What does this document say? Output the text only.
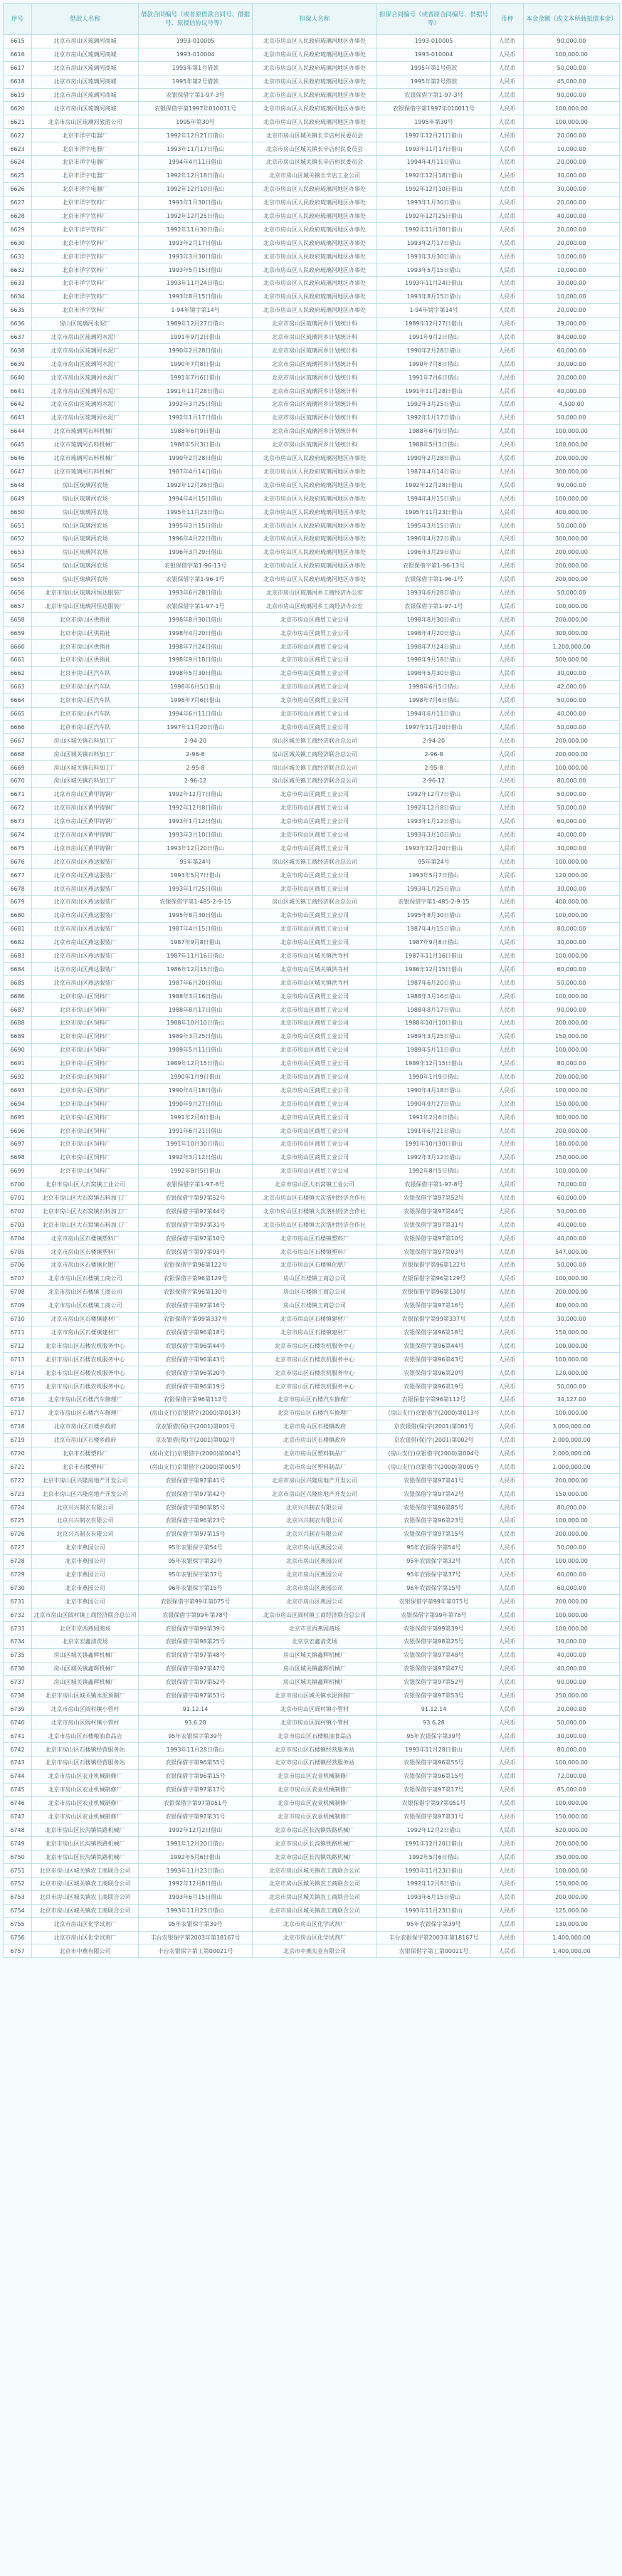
序号	借款人名称	借款合同编号（或者原借款合同号、借据号、原授信协议号等）	担保人名称	担保合同编号（或者原合同编号、借据号等）	币种	本金余额（或文本所载抵债本金）
6615	北京市房山区琉璃河商城	1993-010005	北京市房山区人民政府琉璃河地区办事处	1993-010005	人民币	90,000.00
6616	北京市房山区琉璃河商城	1993-010004	北京市房山区人民政府琉璃河地区办事处	1993-010004	人民币	100,000.00
6617	北京市房山区琉璃河商城	1995年第1号借款	北京市房山区人民政府琉璃河地区办事处	1995年第1号借款	人民币	50,000.00
6618	北京市房山区琉璃河商城	1995年第2号借款	北京市房山区人民政府琉璃河地区办事处	1995年第2号借款	人民币	45,000.00
6619	北京市房山区琉璃河商城	农银保借字第1-97-3号	北京市房山区人民政府琉璃河地区办事处	农银保借字第1-97-3号	人民币	90,000.00
6620	北京市房山区琉璃河商城	农银保借字第1997年010011号	北京市房山区人民政府琉璃河地区办事处	农银保借字第1997年010011号	人民币	100,000.00
6621	北京市房山区琉璃河旅游公司	1995年第30号	北京市房山区人民政府琉璃河地区办事处	1995年第30号	人民币	100,000.00
6622	北京市洋字电器厂	1992年12月21日借山	北京市房山区城关镇长辛店村民委员会	1992年12月21日借山	人民币	20,000.00
6623	北京市洋字电器厂	1993年11月17日借山	北京市房山区城关镇长辛店村民委员会	1993年11月17日借山	人民币	10,000.00
6624	北京市洋字电器厂	1994年4月11日借山	北京市房山区城关镇长辛店村民委员会	1994年4月11日借山	人民币	20,000.00
6625	北京市洋字电器厂	1992年12月18日借山	北京市房山区城关镇长辛店工业公司	1992年12月18日借山	人民币	30,000.00
6626	北京市洋字电器厂	1992年12月10日借山	北京市房山区人民政府琉璃河地区办事处	1992年12月10日借山	人民币	30,000.00
6627	北京市洋字饮料厂	1993年1月30日借山	北京市房山区人民政府琉璃河地区办事处	1993年1月30日借山	人民币	20,000.00
6628	北京市洋字饮料厂	1992年12月25日借山	北京市房山区人民政府琉璃河地区办事处	1992年12月25日借山	人民币	40,000.00
6629	北京市洋字饮料厂	1992年11月30日借山	北京市房山区人民政府琉璃河地区办事处	1992年11月30日借山	人民币	20,000.00
6630	北京市洋字饮料厂	1993年2月17日借山	北京市房山区人民政府琉璃河地区办事处	1993年2月17日借山	人民币	20,000.00
6631	北京市洋字饮料厂	1993年3月30日借山	北京市房山区人民政府琉璃河地区办事处	1993年3月30日借山	人民币	10,000.00
6632	北京市洋字饮料厂	1993年5月15日借山	北京市房山区人民政府琉璃河地区办事处	1993年5月15日借山	人民币	10,000.00
6633	北京市洋字饮料厂	1993年11月24日借山	北京市房山区人民政府琉璃河地区办事处	1993年11月24日借山	人民币	30,000.00
6634	北京市洋字饮料厂	1993年8月15日借山	北京市房山区人民政府琉璃河地区办事处	1993年8月15日借山	人民币	10,000.00
6635	北京市洋字饮料厂	1-94年镜字第14号	北京市房山区人民政府琉璃河地区办事处	1-94年镜字第14号	人民币	20,000.00
6636	房山区琉璃河水泥厂	1989年12月27日借山	北京市房山区琉璃河乡计划统计科	1989年12月27日借山	人民币	39,000.00
6637	北京市房山区琉璃河水泥厂	1991年9月2日借山	北京市房山区琉璃河乡计划统计科	1991年9月2日借山	人民币	84,000.00
6638	北京市房山区琉璃河水泥厂	1990年2月28日借山	北京市房山区琉璃河乡计划统计科	1990年2月28日借山	人民币	60,000.00
6639	北京市房山区琉璃河水泥厂	1990年7月8日借山	北京市房山区琉璃河乡计划统计科	1990年7月8日借山	人民币	30,000.00
6640	北京市房山区琉璃河水泥厂	1991年7月6日借山	北京市房山区琉璃河乡计划统计科	1991年7月6日借山	人民币	20,000.00
6641	北京市房山区琉璃河水泥厂	1991年11月28日借山	北京市房山区琉璃河乡计划统计科	1991年11月28日借山	人民币	40,000.00
6642	北京市房山区琉璃河水泥厂	1992年3月25日借山	北京市房山区琉璃河乡计划统计科	1992年3月25日借山	人民币	4,500.00
6643	北京市房山区琉璃河水泥厂	1992年1月17日借山	北京市房山区琉璃河乡计划统计科	1992年1月17日借山	人民币	50,000.00
6644	北京市琉璃河石料机械厂	1988年6月9日借山	北京市房山区琉璃河乡计划统计科	1988年6月9日借山	人民币	100,000.00
6645	北京市琉璃河石料机械厂	1988年5月3日借山	北京市房山区琉璃河乡计划统计科	1988年5月3日借山	人民币	100,000.00
6646	北京市琉璃河石料机械厂	1990年2月28日借山	北京市房山区人民政府琉璃河地区办事处	1990年2月28日借山	人民币	200,000.00
6647	北京市琉璃河石料机械厂	1987年4月14日借山	北京市房山区人民政府琉璃河地区办事处	1987年4月14日借山	人民币	300,000.00
6648	房山区琉璃河农场	1992年12月28日借山	北京市房山区人民政府琉璃河地区办事处	1992年12月28日借山	人民币	90,000.00
6649	房山区琉璃河农场	1994年4月15日借山	北京市房山区人民政府琉璃河地区办事处	1994年4月15日借山	人民币	100,000.00
6650	房山区琉璃河农场	1995年11月23日借山	北京市房山区人民政府琉璃河地区办事处	1995年11月23日借山	人民币	400,000.00
6651	房山区琉璃河农场	1995年3月15日借山	北京市房山区人民政府琉璃河地区办事处	1995年3月15日借山	人民币	50,000.00
6652	房山区琉璃河农场	1996年4月22日借山	北京市房山区人民政府琉璃河地区办事处	1996年4月22日借山	人民币	300,000.00
6653	房山区琉璃河农场	1996年3月29日借山	北京市房山区人民政府琉璃河地区办事处	1996年3月29日借山	人民币	200,000.00
6654	房山区琉璃河农场	农银保借字第1-96-13号	北京市房山区人民政府琉璃河地区办事处	农银保借字第1-96-13号	人民币	200,000.00
6655	房山区琉璃河农场	农银保借字第1-96-1号	北京市房山区人民政府琉璃河地区办事处	农银保借字第1-96-1号	人民币	200,000.00
6656	北京市房山区琉璃河恒达服装厂	1993年6月28日借山	北京市房山区琉璃河乡工商经济办公室	1993年6月28日借山	人民币	50,000.00
6657	北京市房山区琉璃河恒达服装厂	农银保借字第1-97-1号	北京市房山区琉璃河乡工商经济办公室	农银保借字第1-97-1号	人民币	100,000.00
6658	北京市房山区供销社	1998年8月30日借山	北京市房山区商贸工业公司	1998年8月30日借山	人民币	200,000.00
6659	北京市房山区供销社	1998年4月20日借山	北京市房山区商贸工业公司	1998年4月20日借山	人民币	300,000.00
6660	北京市房山区供销社	1998年7月24日借山	北京市房山区商贸工业公司	1998年7月24日借山	人民币	1,200,000.00
6661	北京市房山区供销社	1998年9月18日借山	北京市房山区商贸工业公司	1998年9月18日借山	人民币	500,000.00
6662	北京市房山区汽车队	1998年5月30日借山	北京市房山区商贸工业公司	1998年5月30日借山	人民币	30,000.00
6663	北京市房山区汽车队	1998年6月5日借山	北京市房山区商贸工业公司	1998年6月5日借山	人民币	42,000.00
6664	北京市房山区汽车队	1998年7月6日借山	北京市房山区商贸工业公司	1998年7月6日借山	人民币	50,000.00
6665	北京市房山区汽车队	1994年6月11日借山	北京市房山区商贸工业公司	1994年6月11日借山	人民币	40,000.00
6666	北京市房山区汽车队	1997年11月20日借山	北京市房山区商贸工业公司	1997年11月20日借山	人民币	50,000.00
6667	房山区城关镇石料加工厂	2-94-20	房山区城关镇工商经济联合总公司	2-94-20	人民币	200,000.00
6668	房山区城关镇石料加工厂	2-96-8	房山区城关镇工商经济联合总公司	2-96-8	人民币	200,000.00
6669	房山区城关镇石料加工厂	2-95-8	房山区城关镇工商经济联合总公司	2-95-8	人民币	100,000.00
6670	房山区城关镇石料加工厂	2-96-12	房山区城关镇工商经济联合总公司	2-96-12	人民币	80,000.00
6671	北京市房山区黄甲铸钢厂	1992年12月7日借山	北京市房山区商贸工业公司	1992年12月7日借山	人民币	50,000.00
6672	北京市房山区黄甲铸钢厂	1992年12月8日借山	北京市房山区商贸工业公司	1992年12月8日借山	人民币	50,000.00
6673	北京市房山区黄甲铸钢厂	1993年1月12日借山	北京市房山区商贸工业公司	1993年1月12日借山	人民币	60,000.00
6674	北京市房山区黄甲铸钢厂	1993年3月10日借山	北京市房山区商贸工业公司	1993年3月10日借山	人民币	40,000.00
6675	北京市房山区黄甲铸钢厂	1993年12月20日借山	北京市房山区商贸工业公司	1993年12月20日借山	人民币	30,000.00
6676	北京市房山区燕达服装厂	95年第24号	房山区城关镇工商经济联合总公司	95年第24号	人民币	100,000.00
6677	北京市房山区燕达服装厂	1993年5月7日借山	北京市房山区商贸工业公司	1993年5月7日借山	人民币	120,000.00
6678	北京市房山区燕达服装厂	1993年1月25日借山	北京市房山区商贸工业公司	1993年1月25日借山	人民币	30,000.00
6679	北京市房山区燕达服装厂	农银保借字第1-485-2-9-15	房山区城关镇工商经济联合总公司	农银保借字第1-485-2-9-15	人民币	400,000.00
6680	北京市房山区燕达服装厂	1995年8月30日借山	北京市房山区商贸工业公司	1995年8月30日借山	人民币	100,000.00
6681	北京市房山区燕达服装厂	1987年4月15日借山	北京市房山区商贸工业公司	1987年4月15日借山	人民币	80,000.00
6682	北京市房山区燕达服装厂	1987年9月8日借山	北京市房山区商贸工业公司	1987年9月8日借山	人民币	30,000.00
6683	北京市房山区燕达服装厂	1987年11月16日借山	北京市房山区城关镇洪寺村	1987年11月16日借山	人民币	100,000.00
6684	北京市房山区燕达服装厂	1986年12月15日借山	北京市房山区城关镇洪寺村	1986年12月15日借山	人民币	60,000.00
6685	北京市房山区燕达服装厂	1987年6月20日借山	北京市房山区城关镇洪寺村	1987年6月20日借山	人民币	50,000.00
6686	北京市房山区饲料厂	1988年3月16日借山	北京市房山区商贸工业公司	1988年3月16日借山	人民币	100,000.00
6687	北京市房山区饲料厂	1988年8月17日借山	北京市房山区商贸工业公司	1988年8月17日借山	人民币	90,000.00
6688	北京市房山区饲料厂	1988年10月10日借山	北京市房山区商贸工业公司	1988年10月10日借山	人民币	200,000.00
6689	北京市房山区饲料厂	1989年3月25日借山	北京市房山区商贸工业公司	1989年3月25日借山	人民币	150,000.00
6690	北京市房山区饲料厂	1989年5月11日借山	北京市房山区商贸工业公司	1989年5月11日借山	人民币	100,000.00
6691	北京市房山区饲料厂	1989年12月15日借山	北京市房山区商贸工业公司	1989年12月15日借山	人民币	80,000.00
6692	北京市房山区饲料厂	1990年1月9日借山	北京市房山区商贸工业公司	1990年1月9日借山	人民币	200,000.00
6693	北京市房山区饲料厂	1990年4月18日借山	北京市房山区商贸工业公司	1990年4月18日借山	人民币	100,000.00
6694	北京市房山区饲料厂	1990年9月27日借山	北京市房山区商贸工业公司	1990年9月27日借山	人民币	150,000.00
6695	北京市房山区饲料厂	1991年2月6日借山	北京市房山区商贸工业公司	1991年2月6日借山	人民币	300,000.00
6696	北京市房山区饲料厂	1991年6月21日借山	北京市房山区商贸工业公司	1991年6月21日借山	人民币	200,000.00
6697	北京市房山区饲料厂	1991年10月30日借山	北京市房山区商贸工业公司	1991年10月30日借山	人民币	180,000.00
6698	北京市房山区饲料厂	1992年3月12日借山	北京市房山区商贸工业公司	1992年3月12日借山	人民币	250,000.00
6699	北京市房山区饲料厂	1992年8月5日借山	北京市房山区商贸工业公司	1992年8月5日借山	人民币	100,000.00
6700	北京市房山区大石窝镇工业公司	农银保借字第1-97-8号	北京市房山区大石窝镇工业公司	农银保借字第1-97-8号	人民币	70,000.00
6701	北京市房山区大石窝镇石料加工厂	农银保借字第97第52号	北京市房山区石楼镇大次洛村经济合作社	农银保借字第97第52号	人民币	60,000.00
6702	北京市房山区大石窝镇石料加工厂	农银保借字第97第44号	北京市房山区石楼镇大次洛村经济合作社	农银保借字第97第44号	人民币	50,000.00
6703	北京市房山区大石窝镇石料加工厂	农银保借字第97第31号	北京市房山区石楼镇大次洛村经济合作社	农银保借字第97第31号	人民币	40,000.00
6704	北京市房山区石楼镇塑料厂	农银保借字第97第10号	北京市房山区石楼镇塑料厂	农银保借字第97第10号	人民币	40,000.00
6705	北京市房山区石楼镇塑料厂	农银保借字第97第03号	北京市房山区石楼镇塑料厂	农银保借字第97第03号	人民币	547,000.00
6706	北京市房山区石楼镇化肥厂	农银保借字第96第122号	北京市房山区石楼镇化肥厂	农银保借字第96第122号	人民币	50,000.00
6707	北京市房山区石楼镇工商公司	农银保借字第96第129号	房山区石楼镇工商总公司	农银保借字第96第129号	人民币	100,000.00
6708	北京市房山区石楼镇工商公司	农银保借字第96第130号	房山区石楼镇工商总公司	农银保借字第96第130号	人民币	200,000.00
6709	北京市房山区石楼镇工商公司	农银保借字第97第16号	房山区石楼镇工商总公司	农银保借字第97第16号	人民币	400,000.00
6710	北京市房山区石楼镇建材厂	农银保借字第99第337号	北京市房山区石楼镇建材厂	农银保借字第99第337号	人民币	30,000.00
6711	北京市房山区石楼镇建材厂	农银保借字第96第18号	北京市房山区石楼镇建材厂	农银保借字第96第18号	人民币	150,000.00
6712	北京市房山区石楼农机服务中心	农银保借字第96第44号	北京市房山区石楼农机服务中心	农银保借字第96第44号	人民币	100,000.00
6713	北京市房山区石楼农机服务中心	农银保借字第96第43号	北京市房山区石楼农机服务中心	农银保借字第96第43号	人民币	100,000.00
6714	北京市房山区石楼农机服务中心	农银保借字第96第20号	北京市房山区石楼农机服务中心	农银保借字第96第20号	人民币	120,000.00
6715	北京市房山区石楼农机服务中心	农银保借字第96第19号	北京市房山区石楼农机服务中心	农银保借字第96第19号	人民币	50,000.00
6716	北京市房山区石楼汽车修理厂	农银保借字第96第112号	北京市房山区石楼汽车修理厂	农银保借字第96第112号	人民币	34,127.00
6717	北京市房山区石楼汽车修理厂	(房山支行)京银借字(2000)第013号	北京市房山区石楼汽车修理厂	(房山支行)京银借字(2000)第013号	人民币	100,000.00
6718	北京市房山区石楼乡政府	京农银借(保)字(2001)第001号	北京市房山区石楼镇政府	京农银借(保)字(2001)第001号	人民币	3,000,000.00
6719	北京市房山区石楼乡政府	京农银借(保)字(2001)第002号	北京市房山区石楼镇政府	京农银借(保)字(2001)第002号	人民币	2,000,000.00
6720	北京市石楼塑料厂	(房山支行)京银借字(2000)第004号	北京市房山区塑料制品厂	(房山支行)京银借字(2000)第004号	人民币	2,000,000.00
6721	北京市石楼塑料厂	(房山支行)京银借字(2000)第005号	北京市房山区塑料制品厂	(房山支行)京银借字(2000)第005号	人民币	1,000,000.00
6722	北京市房山区兴隆房地产开发公司	农银保借字第97第41号	北京市房山区兴隆房地产开发公司	农银保借字第97第41号	人民币	200,000.00
6723	北京市房山区兴隆房地产开发公司	农银保借字第97第42号	北京市房山区兴隆房地产开发公司	农银保借字第97第42号	人民币	150,000.00
6724	北京兴兴制衣有限公司	农银保借字第96第85号	北京兴兴制衣有限公司	农银保借字第96第85号	人民币	80,000.00
6725	北京兴兴制衣有限公司	农银保借字第96第23号	北京兴兴制衣有限公司	农银保借字第96第23号	人民币	100,000.00
6726	北京兴兴制衣有限公司	农银保借字第97第15号	北京兴兴制衣有限公司	农银保借字第97第15号	人民币	200,000.00
6727	北京市燕园公司	95年农银保字第54号	北京市房山区燕园公司	95年农银保字第54号	人民币	50,000.00
6728	北京市燕园公司	95年农银保字第32号	北京市房山区燕园公司	95年农银保字第32号	人民币	100,000.00
6729	北京市燕园公司	95年农银保字第37号	北京市房山区燕园公司	95年农银保字第37号	人民币	60,000.00
6730	北京市燕园公司	96年农银保字第15号	北京市房山区燕园公司	96年农银保字第15号	人民币	60,000.00
6731	北京市燕园公司	农银保借字第99年第075号	北京市房山区燕园公司	农银保借字第99年第075号	人民币	200,000.00
6732	北京市房山区阎村镇工商经济联合总公司	农银保借字第99年第78号	北京市房山区阎村镇工商经济联合总公司	农银保借字第99年第78号	人民币	100,000.00
6733	北京市京西燕园商场	农银保借字第99第39号	北京市京西燕园商场	农银保借字第99第39号	人民币	100,000.00
6734	北京京宏鑫清洗场	农银保借字第98第25号	北京京宏鑫清洗场	农银保借字第98第25号	人民币	30,000.00
6735	房山区城关镇鑫辉机械厂	农银保借字第97第48号	房山区城关镇鑫辉机械厂	农银保借字第97第48号	人民币	40,000.00
6736	房山区城关镇鑫辉机械厂	农银保借字第97第47号	房山区城关镇鑫辉机械厂	农银保借字第97第47号	人民币	40,000.00
6737	房山区城关镇鑫辉机械厂	农银保借字第97第52号	房山区城关镇鑫辉机械厂	农银保借字第97第52号	人民币	90,000.00
6738	北京市房山区城关镇水泥预制厂	农银保借字第97第53号	北京市房山区城关镇水泥预制厂	农银保借字第97第53号	人民币	250,000.00
6739	北京市房山区阎村镇小管村	91.12.14	北京市房山区阎村镇小管村	91.12.14	人民币	20,000.00
6740	北京市房山区阎村镇小管村	93.6.28	北京市房山区阎村镇小管村	93.6.28	人民币	50,000.00
6741	北京市房山区石楼粮油食品店	95年农银保字第39号	北京市房山区石楼粮油食品店	95年农银保字第39号	人民币	30,000.00
6742	北京市房山区石楼镇经营服务站	1993年11月28日借山	北京市房山区石楼镇经营服务站	1993年11月28日借山	人民币	80,000.00
6743	北京市房山区石楼镇经营服务站	农银保借字第96第55号	北京市房山区石楼镇经营服务站	农银保借字第96第55号	人民币	100,000.00
6744	北京市房山区农业机械制修厂	农银保借字第96第15号	北京市房山区农业机械制修厂	农银保借字第96第15号	人民币	72,000.00
6745	北京市房山区农业机械制修厂	农银保借字第97第17号	北京市房山区农业机械制修厂	农银保借字第97第17号	人民币	85,000.00
6746	北京市房山区农业机械制修厂	农银保借字第97第051号	北京市房山区农业机械制修厂	农银保借字第97第051号	人民币	100,000.00
6747	北京市房山区农业机械制修厂	农银保借字第97第31号	北京市房山区农业机械制修厂	农银保借字第97第31号	人民币	150,000.00
6748	北京市房山区长沟镇铁路机械厂	1992年12月2日借山	北京市房山区长沟镇铁路机械厂	1992年12月2日借山	人民币	520,000.00
6749	北京市房山区长沟镇铁路机械厂	1991年12月20日借山	北京市房山区长沟镇铁路机械厂	1991年12月20日借山	人民币	200,000.00
6750	北京市房山区长沟镇铁路机械厂	1992年5月6日借山	北京市房山区长沟镇铁路机械厂	1992年5月6日借山	人民币	350,000.00
6751	北京市房山区城关镇农工商联合公司	1993年11月23日借山	北京市房山区城关镇农工商联合公司	1993年11月23日借山	人民币	100,000.00
6752	北京市房山区城关镇农工商联合公司	1992年12月8日借山	北京市房山区城关镇农工商联合公司	1992年12月8日借山	人民币	150,000.00
6753	北京市房山区城关镇农工商联合公司	1993年6月15日借山	北京市房山区城关镇农工商联合公司	1993年6月15日借山	人民币	200,000.00
6754	北京市房山区城关镇农工商联合公司	1993年11月23日借山	北京市房山区城关镇农工商联合公司	1993年11月23日借山	人民币	125,000.00
6755	北京市房山区化学试剂厂	95年农银保字第39号	北京市房山区化学试剂厂	95年农银保字第39号	人民币	130,000.00
6756	北京市房山区化学试剂厂	丰台农银保字第2003年第18167号	北京市房山区化学试剂厂	丰台农银保字第2003年第18167号	人民币	1,400,000.00
6757	北京市中燕有限公司	丰台农银保字第工第00021号	北京市中燕实业有限公司	农银保借字第工第00021号	人民币	1,400,000.00
